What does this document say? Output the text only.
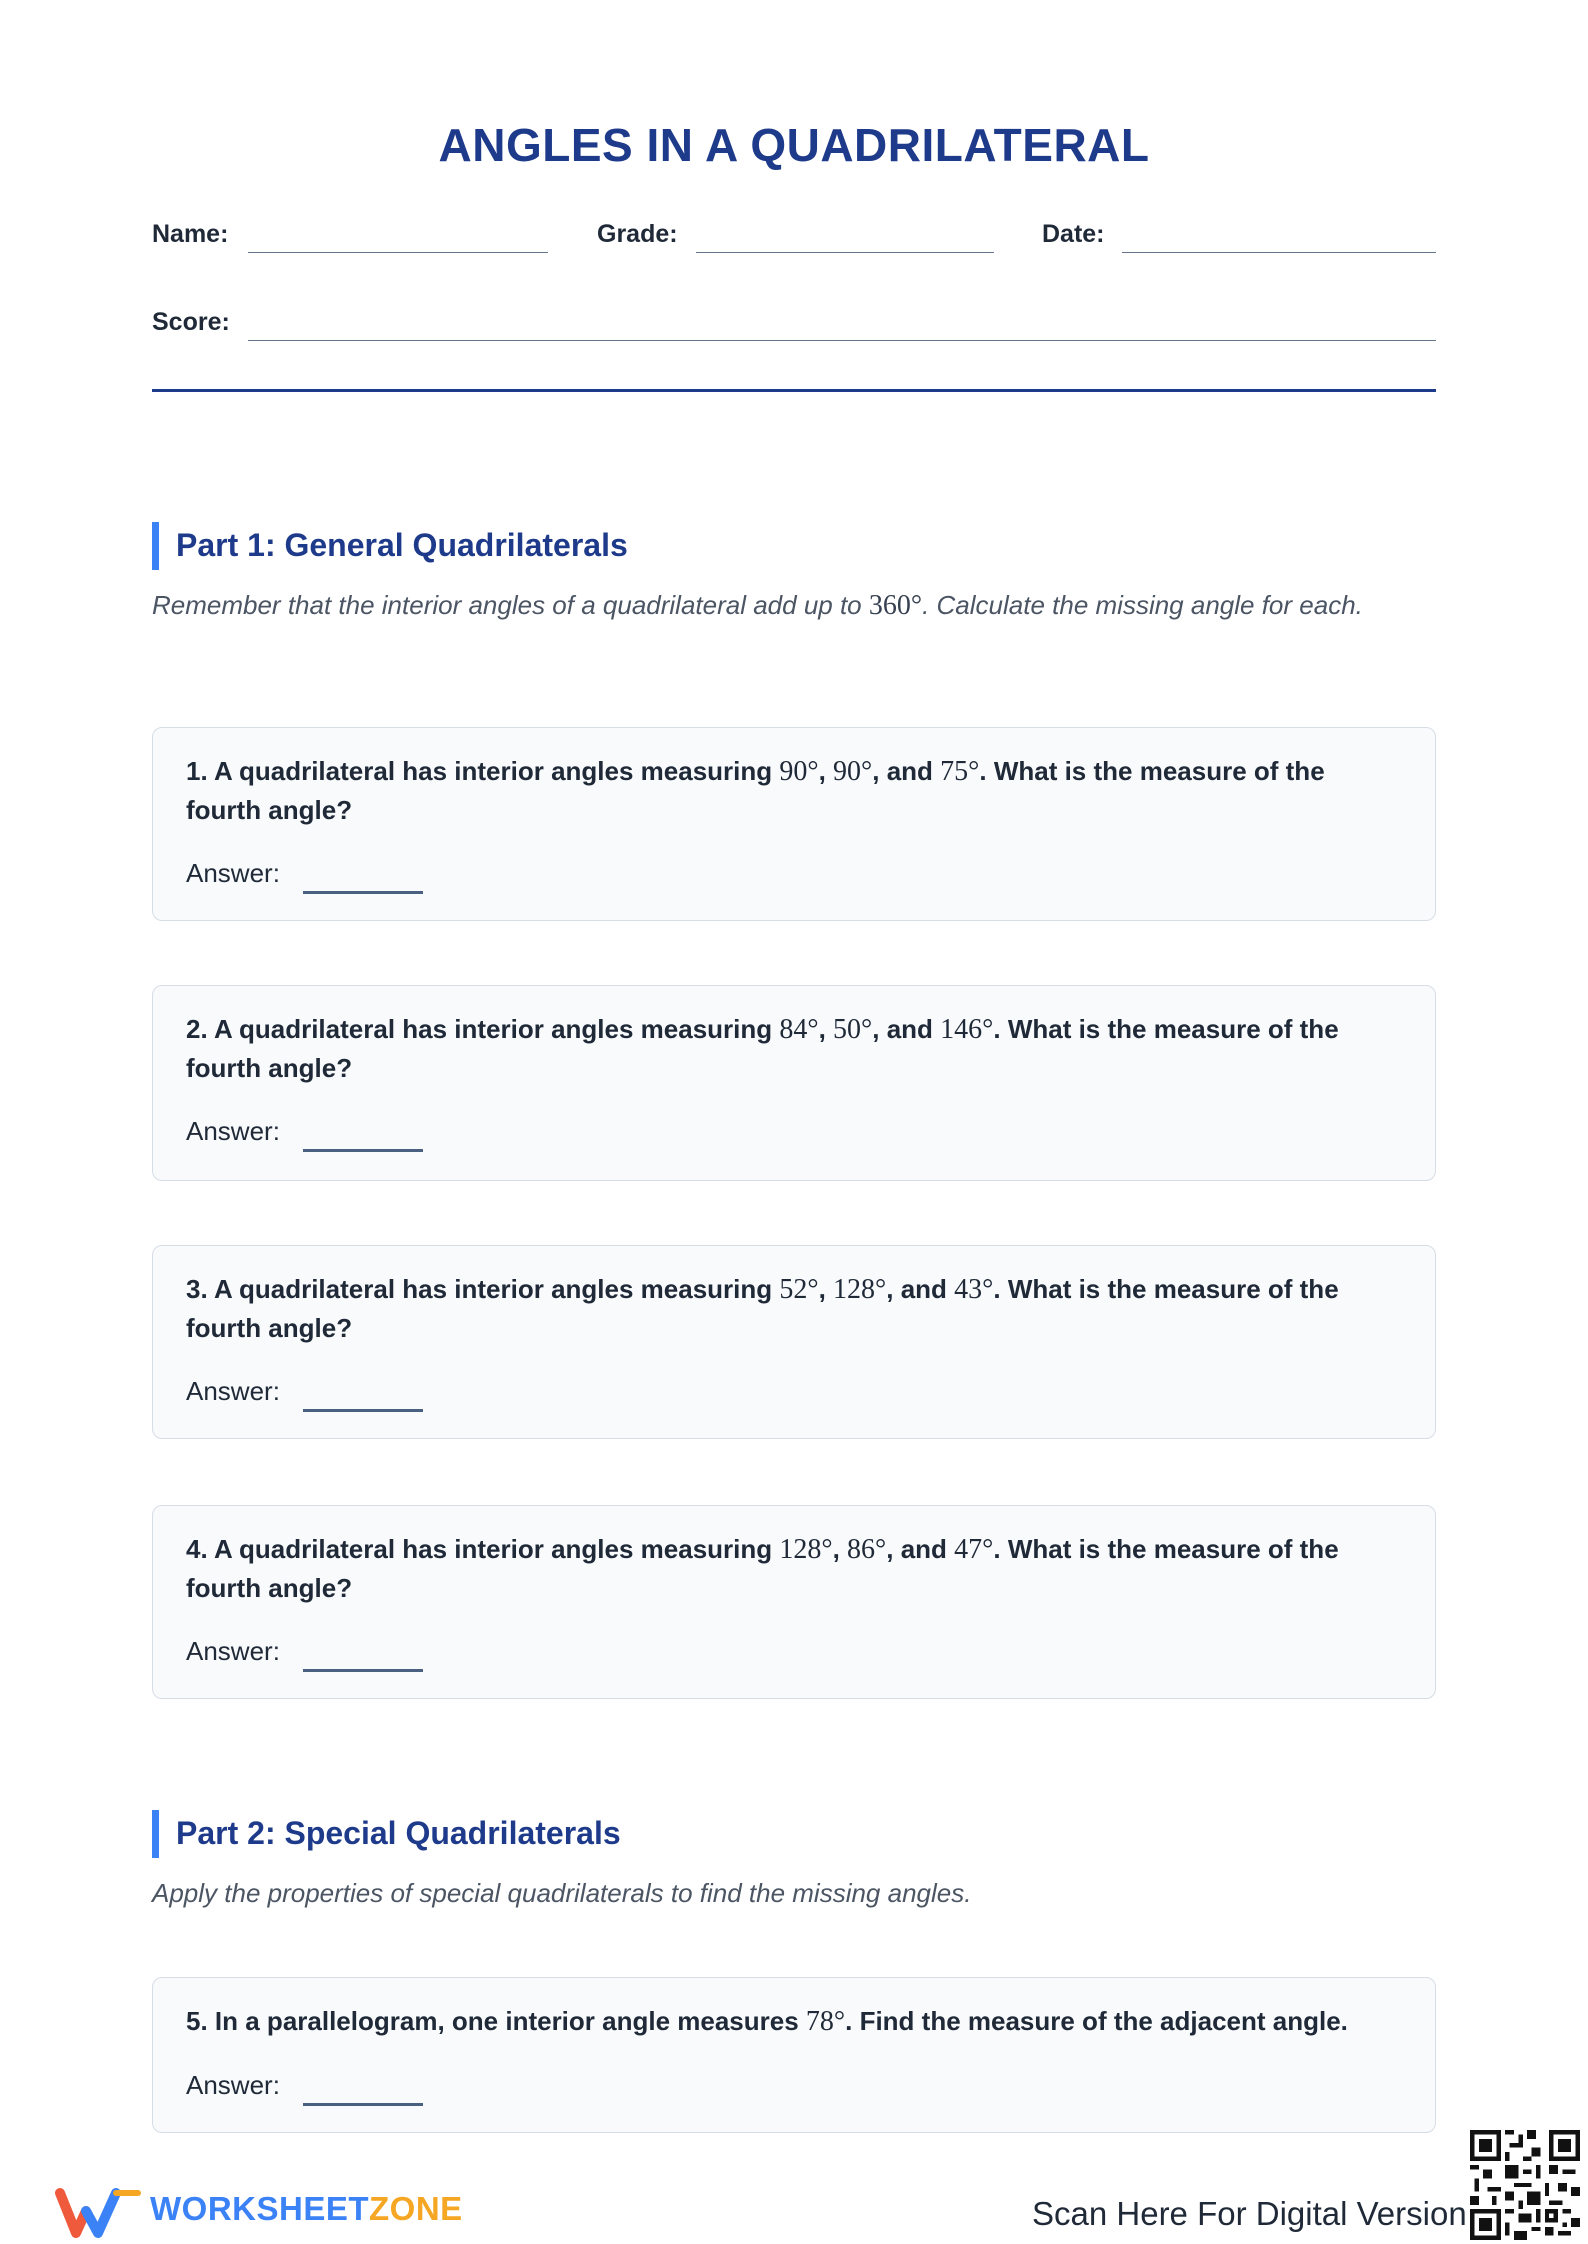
ANGLES IN A QUADRILATERAL
Name:	Grade:	Date:
Score:
Part 1: General Quadrilaterals
Remember that the interior angles of a quadrilateral add up to 360°. Calculate the missing angle for each.
1. A quadrilateral has interior angles measuring 90°, 90°, and 75°. What is the measure of the fourth angle?
Answer:
2. A quadrilateral has interior angles measuring 84°, 50°, and 146°. What is the measure of the fourth angle?
Answer:
3. A quadrilateral has interior angles measuring 52°, 128°, and 43°. What is the measure of the fourth angle?
Answer:
4. A quadrilateral has interior angles measuring 128°, 86°, and 47°. What is the measure of the fourth angle?
Answer:
Part 2: Special Quadrilaterals
Apply the properties of special quadrilaterals to find the missing angles.
5. In a parallelogram, one interior angle measures 78°. Find the measure of the adjacent angle.
Answer:
WORKSHEETZONE	Scan Here For Digital Version
